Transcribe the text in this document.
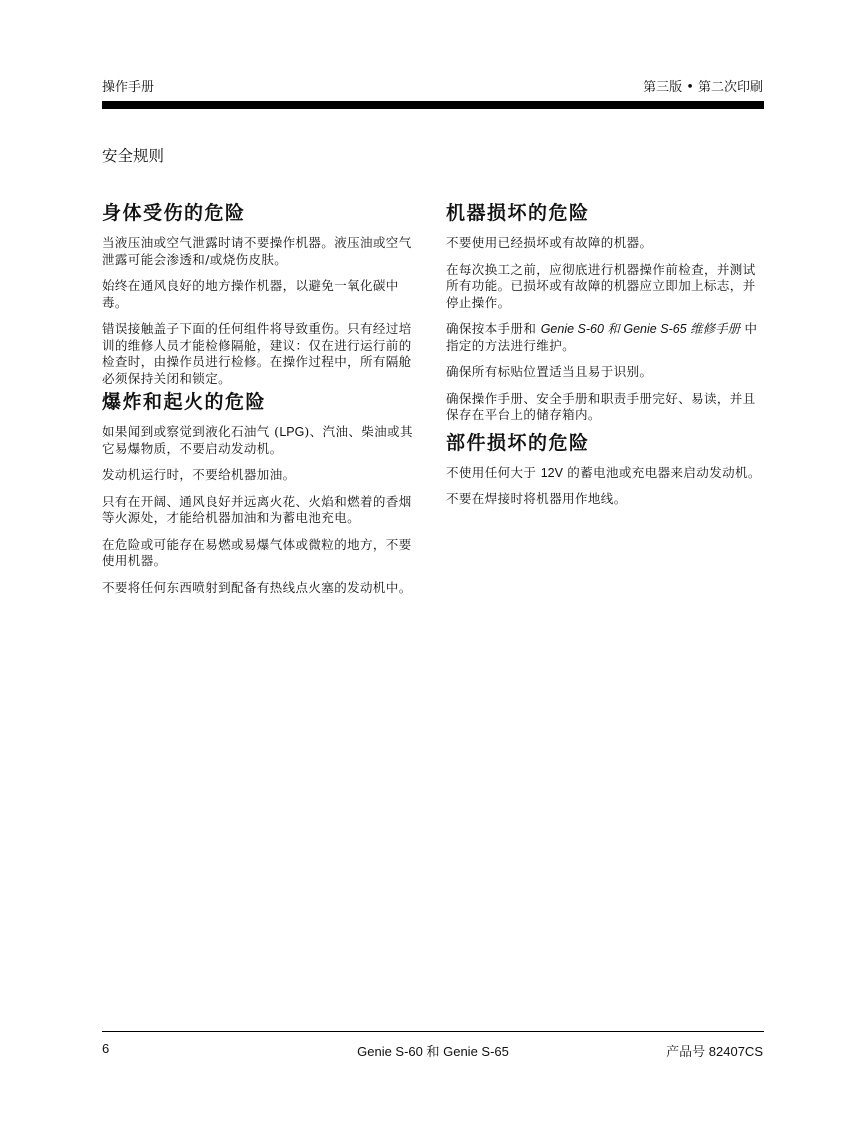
操作手册	第三版 • 第二次印刷
安全规则
身体受伤的危险

当液压油或空气泄露时请不要操作机器。液压油或空气泄露可能会渗透和/或烧伤皮肤。

始终在通风良好的地方操作机器，以避免一氧化碳中毒。

错误接触盖子下面的任何组件将导致重伤。只有经过培训的维修人员才能检修隔舱，建议：仅在进行运行前的检查时，由操作员进行检修。在操作过程中，所有隔舱必须保持关闭和锁定。

爆炸和起火的危险

如果闻到或察觉到液化石油气 (LPG)、汽油、柴油或其它易爆物质，不要启动发动机。

发动机运行时，不要给机器加油。

只有在开阔、通风良好并远离火花、火焰和燃着的香烟等火源处，才能给机器加油和为蓄电池充电。

在危险或可能存在易燃或易爆气体或微粒的地方，不要使用机器。

不要将任何东西喷射到配备有热线点火塞的发动机中。

机器损坏的危险

不要使用已经损坏或有故障的机器。

在每次换工之前，应彻底进行机器操作前检查，并测试所有功能。已损坏或有故障的机器应立即加上标志，并停止操作。

确保按本手册和 Genie S-60 和 Genie S-65 维修手册 中指定的方法进行维护。

确保所有标贴位置适当且易于识别。

确保操作手册、安全手册和职责手册完好、易读，并且保存在平台上的储存箱内。

部件损坏的危险

不使用任何大于 12V 的蓄电池或充电器来启动发动机。

不要在焊接时将机器用作地线。

6	Genie S-60 和 Genie S-65	产品号 82407CS
